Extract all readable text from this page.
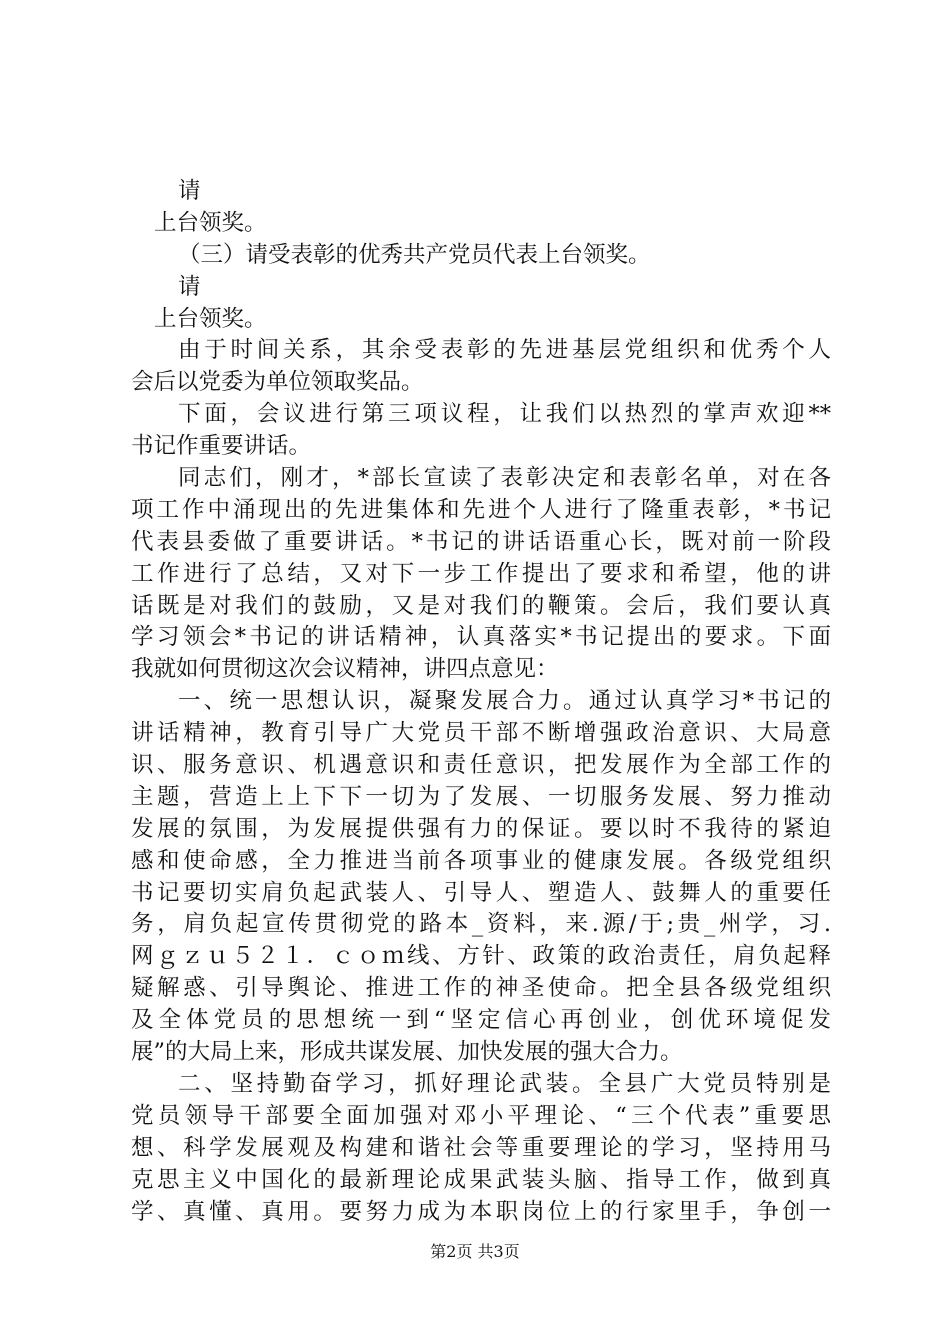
请
上台领奖。
（三）请受表彰的优秀共产党员代表上台领奖。
请
上台领奖。
由于时间关系，其余受表彰的先进基层党组织和优秀个人
会后以党委为单位领取奖品。
下面，会议进行第三项议程，让我们以热烈的掌声欢迎**
书记作重要讲话。
同志们，刚才，*部长宣读了表彰决定和表彰名单，对在各
项工作中涌现出的先进集体和先进个人进行了隆重表彰，*书记
代表县委做了重要讲话。*书记的讲话语重心长，既对前一阶段
工作进行了总结，又对下一步工作提出了要求和希望，他的讲
话既是对我们的鼓励，又是对我们的鞭策。会后，我们要认真
学习领会*书记的讲话精神，认真落实*书记提出的要求。下面
我就如何贯彻这次会议精神，讲四点意见：
一、统一思想认识，凝聚发展合力。通过认真学习*书记的
讲话精神，教育引导广大党员干部不断增强政治意识、大局意
识、服务意识、机遇意识和责任意识，把发展作为全部工作的
主题，营造上上下下一切为了发展、一切服务发展、努力推动
发展的氛围，为发展提供强有力的保证。要以时不我待的紧迫
感和使命感，全力推进当前各项事业的健康发展。各级党组织
书记要切实肩负起武装人、引导人、塑造人、鼓舞人的重要任
务，肩负起宣传贯彻党的路本_资料，来.源/于;贵_州学，习.
网ｇｚｕ５２１．ｃｏｍ线、方针、政策的政治责任，肩负起释
疑解惑、引导舆论、推进工作的神圣使命。把全县各级党组织
及全体党员的思想统一到“坚定信心再创业，创优环境促发
展”的大局上来，形成共谋发展、加快发展的强大合力。
二、坚持勤奋学习，抓好理论武装。全县广大党员特别是
党员领导干部要全面加强对邓小平理论、“三个代表”重要思
想、科学发展观及构建和谐社会等重要理论的学习，坚持用马
克思主义中国化的最新理论成果武装头脑、指导工作，做到真
学、真懂、真用。要努力成为本职岗位上的行家里手，争创一
第2页 共3页
